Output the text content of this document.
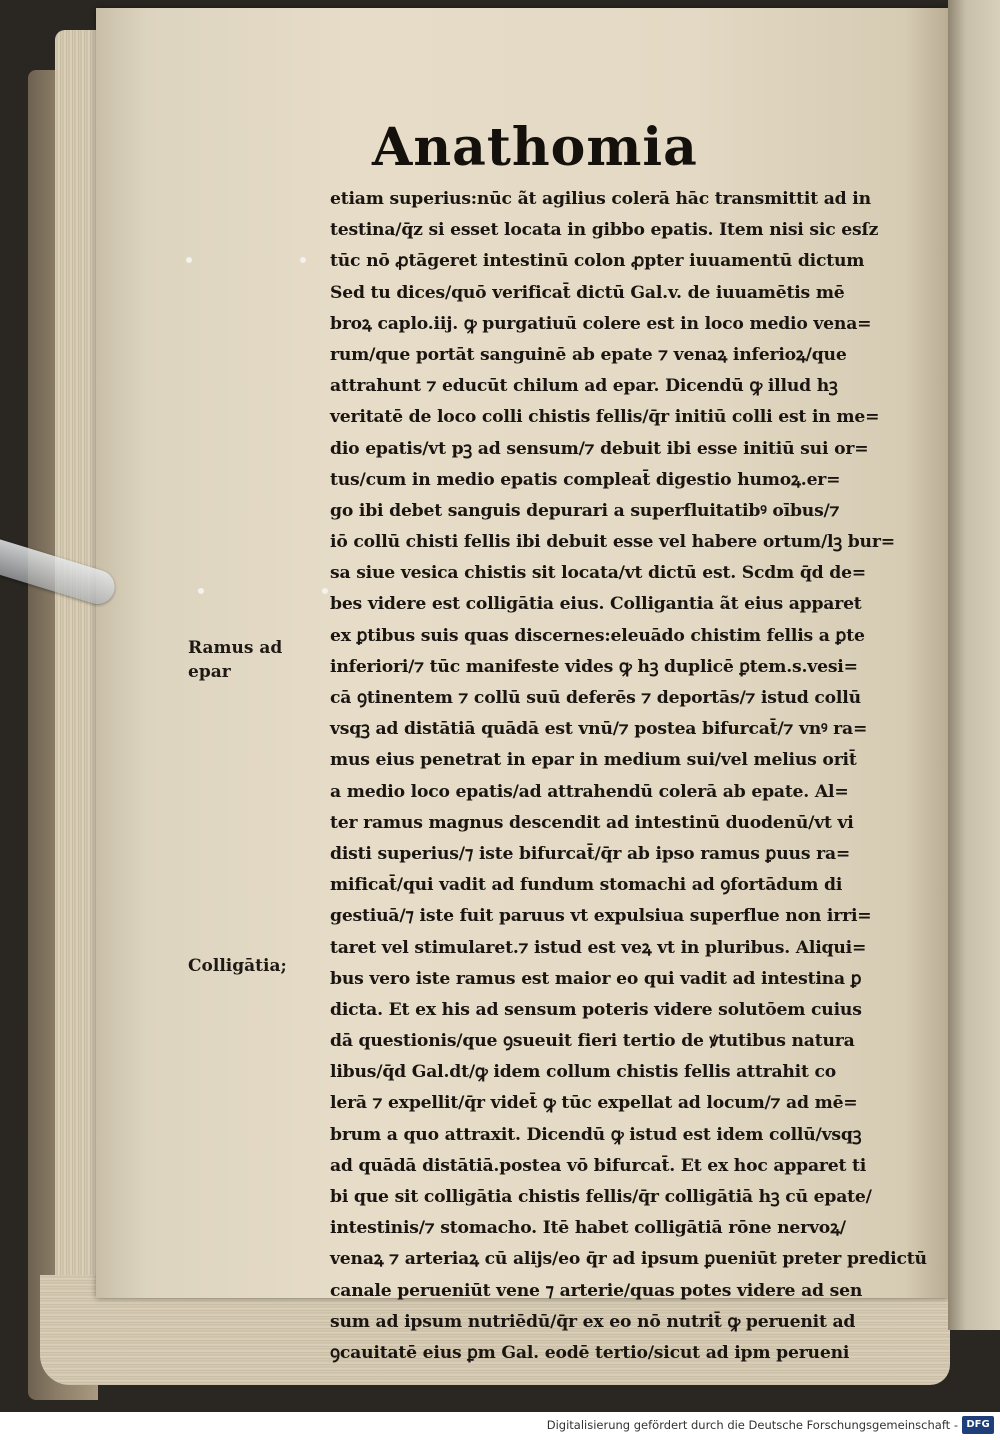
Anathomia
etiam superius:nūc ãt agilius colerā hāc transmittit ad in
testina/q̄z si esset locata in gibbo epatis. Item nisi sic esſz
tūc nō ꝓtāgeret intestinū colon ꝓpter iuuamentū dictum
Sed tu dices/quō verificat̄ dictū Gal.v. de iuuamētis mē
broꝝ caplo.iij. ꝙ purgatiuū colere est in loco medio vena=
rum/que portāt sanguinē ab epate ⁊ venaꝝ inferioꝝ/que
attrahunt ⁊ educūt chilum ad epar. Dicendū ꝙ illud hꝫ
veritatē de loco colli chistis fellis/q̄r initiū colli est in me=
dio epatis/vt pꝫ ad sensum/⁊ debuit ibi esse initiū sui or=
tus/cum in medio epatis compleat̄ digestio humoꝝ.er=
go ibi debet sanguis depurari a superfluitatibꝰ oībus/⁊
iō collū chisti fellis ibi debuit esse vel habere ortum/lꝫ bur=
sa siue vesica chistis sit locata/vt dictū est. Scdm q̄d de=
bes videre est colligātia eius. Colligantia ãt eius apparet
ex ꝑtibus suis quas discernes:eleuādo chistim fellis a ꝑte
inferiori/⁊ tūc manifeste vides ꝙ hꝫ duplicē ꝑtem.s.vesi=
cā ꝯtinentem ⁊ collū suū deferēs ⁊ deportās/⁊ istud collū
vsqꝫ ad distātiā quādā est vnū/⁊ postea bifurcat̄/⁊ vnꝰ ra=
mus eius penetrat in epar in medium sui/vel melius orit̄
a medio loco epatis/ad attrahendū colerā ab epate. Al=
ter ramus magnus descendit ad intestinū duodenū/vt vi
disti superius/⁊ iste bifurcat̄/q̄r ab ipso ramus ꝑuus ra=
mificat̄/qui vadit ad fundum stomachi ad ꝯfortādum di
gestiuā/⁊ iste fuit paruus vt expulsiua superflue non irri=
taret vel stimularet.⁊ istud est veꝝ vt in pluribus. Aliqui=
bus vero iste ramus est maior eo qui vadit ad intestina ꝑ
dicta. Et ex his ad sensum poteris videre solutōem cuius
dā questionis/que ꝯsueuit fieri tertio de ꝟtutibus natura
libus/q̄d Gal.dt/ꝙ idem collum chistis fellis attrahit co
lerā ⁊ expellit/q̄r videt̄ ꝙ tūc expellat ad locum/⁊ ad mē=
brum a quo attraxit. Dicendū ꝙ istud est idem collū/vsqꝫ
ad quādā distātiā.postea vō bifurcat̄. Et ex hoc apparet ti
bi que sit colligātia chistis fellis/q̄r colligātiā hꝫ cū epate/
intestinis/⁊ stomacho. Itē habet colligātiā rōne nervoꝝ/
venaꝝ ⁊ arteriaꝝ cū alijs/eo q̄r ad ipsum ꝑueniūt preter predictū
canale perueniūt vene ⁊ arterie/quas potes videre ad sen
sum ad ipsum nutriēdū/q̄r ex eo nō nutrit̄ ꝙ peruenit ad
ꝯcauitatē eius ꝑm Gal. eodē tertio/sicut ad ipm perueni
Ramus ad
epar
Colligātia;
Digitalisierung gefördert durch die Deutsche Forschungsgemeinschaft - DFG
